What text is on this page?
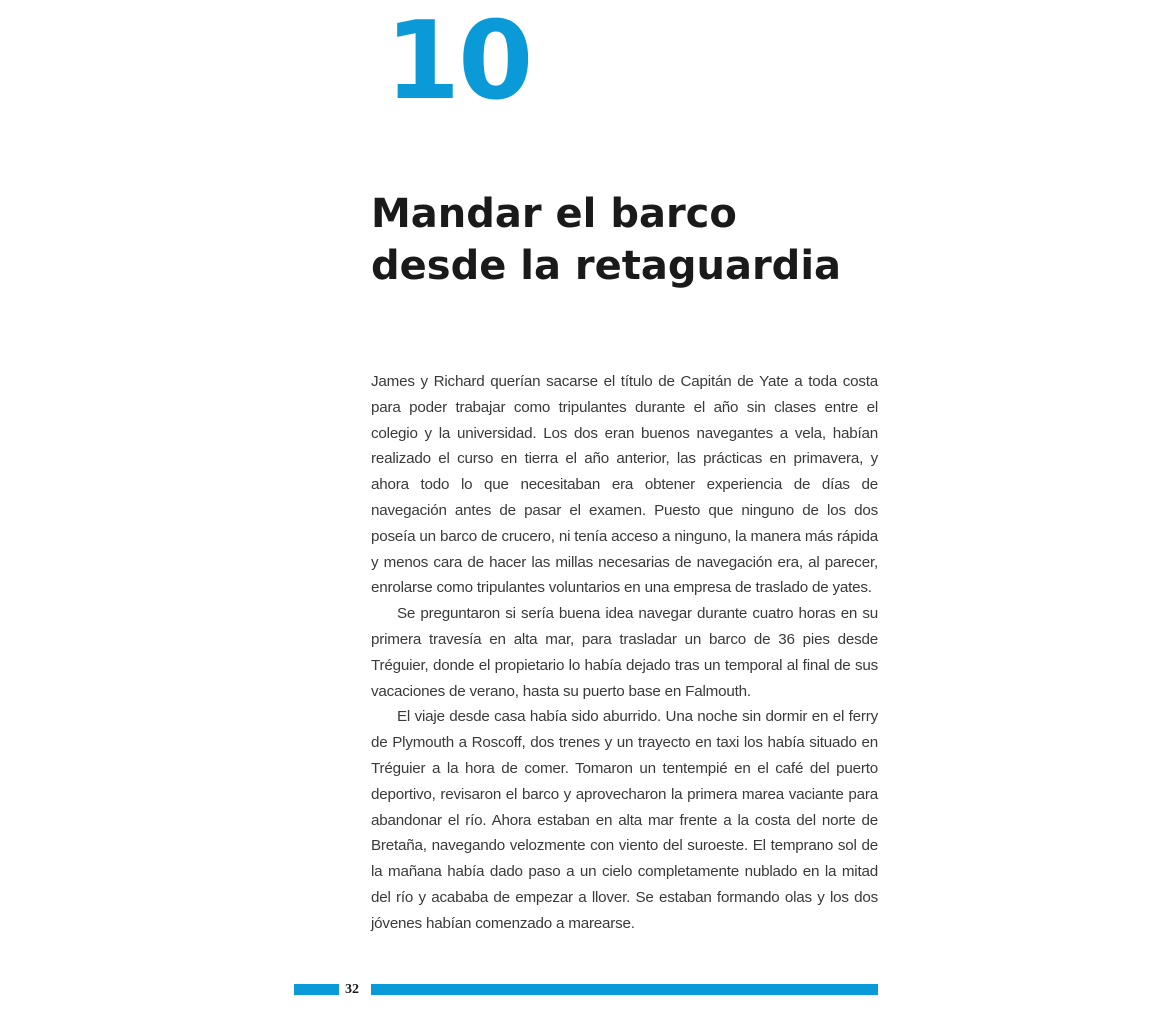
10
Mandar el barco
desde la retaguardia

James y Richard querían sacarse el título de Capitán de Yate a toda costa para poder trabajar como tripulantes durante el año sin clases entre el colegio y la universidad. Los dos eran buenos navegantes a vela, habían realizado el curso en tierra el año anterior, las prácticas en primavera, y ahora todo lo que necesitaban era obtener experiencia de días de navegación antes de pasar el examen. Puesto que ninguno de los dos poseía un barco de crucero, ni tenía acceso a ninguno, la manera más rápida y menos cara de hacer las millas necesarias de navegación era, al parecer, enrolarse como tripulantes voluntarios en una empresa de traslado de yates.

Se preguntaron si sería buena idea navegar durante cuatro horas en su primera travesía en alta mar, para trasladar un barco de 36 pies desde Tréguier, donde el propietario lo había dejado tras un temporal al final de sus vacaciones de verano, hasta su puerto base en Falmouth.

El viaje desde casa había sido aburrido. Una noche sin dormir en el ferry de Plymouth a Roscoff, dos trenes y un trayecto en taxi los había situado en Tréguier a la hora de comer. Tomaron un tentempié en el café del puerto deportivo, revisaron el barco y aprovecharon la primera marea vaciante para abandonar el río. Ahora estaban en alta mar frente a la costa del norte de Bretaña, navegando velozmente con viento del suroeste. El temprano sol de la mañana había dado paso a un cielo completamente nublado en la mitad del río y acababa de empezar a llover. Se estaban formando olas y los dos jóvenes habían comenzado a marearse.

32
